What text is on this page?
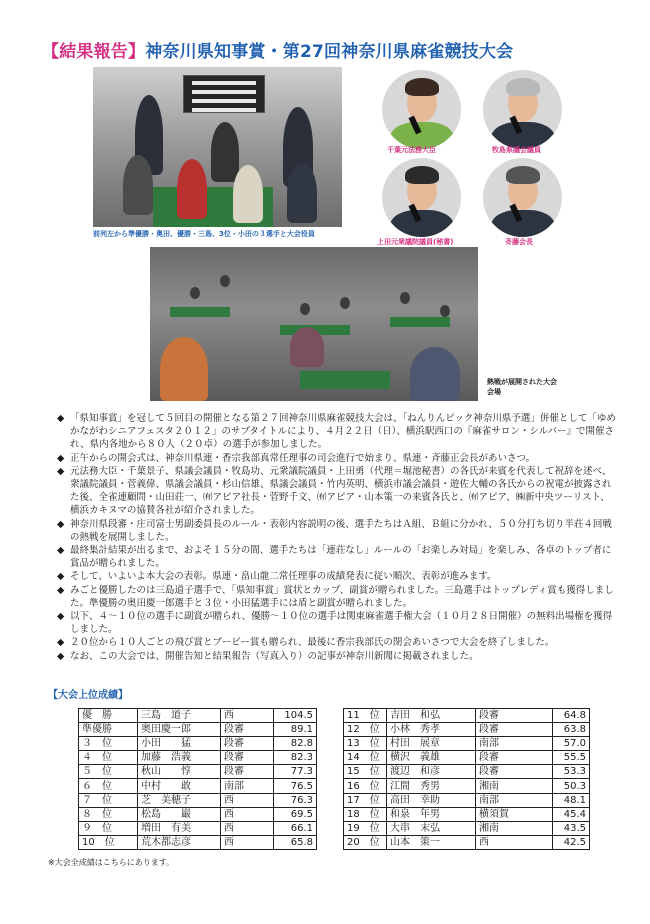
【結果報告】神奈川県知事賞・第27回神奈川県麻雀競技大会
前列左から準優勝・奥田、優勝・三島、3位・小田の３選手と大会役員
千葉元法務大臣	牧島県議会議員
上田元衆議院議員(秘書)	斉藤会長
熱戦が展開された大会会場
◆ 「県知事賞」を冠して５回目の開催となる第２７回神奈川県麻雀競技大会は、「ねんりんピック神奈川県予選」併催として「ゆめかながわシニアフェスタ２０１２」のサブタイトルにより、４月２２日（日）、横浜駅西口の『麻雀サロン・シルバー』で開催され、県内各地から８０人（２０卓）の選手が参加しました。
◆ 正午からの開会式は、神奈川県連・香宗我部真常任理事の司会進行で始まり、県連・斉藤正会長があいさつ。
◆ 元法務大臣・千葉景子、県議会議員・牧島功、元衆議院議員・上田勇（代理＝堀池秘書）の各氏が来賓を代表して祝辞を述べ、衆議院議員・菅義偉、県議会議員・杉山信雄、県議会議員・竹内英明、横浜市議会議員・遊佐大輔の各氏からの祝電が披露された後、全雀連顧問・山田荘一、㈲アピア社長・菅野千文、㈲アピア・山本策一の来賓各氏と、㈲アピア、㈱新中央ツーリスト、横浜カキヌマの協賛各社が紹介されました。
◆ 神奈川県段審・庄司富士男副委員長のルール・表彰内容説明の後、選手たちはＡ組、Ｂ組に分かれ、５０分打ち切り半荘４回戦の熱戦を展開しました。
◆ 最終集計結果が出るまで、およそ１５分の間、選手たちは「連荘なし」ルールの「お楽しみ対局」を楽しみ、各卓のトップ者に賞品が贈られました。
◆ そして、いよいよ本大会の表彰。県連・畠山龍二常任理事の成績発表に従い順次、表彰が進みます。
◆ みごと優勝したのは三島道子選手で、「県知事賞」賞状とカップ、副賞が贈られました。三島選手はトップレディ賞も獲得しました。準優勝の奥田慶一郎選手と３位・小田猛選手には盾と副賞が贈られました。
◆ 以下、４〜１０位の選手に副賞が贈られ、優勝〜１０位の選手は関東麻雀選手権大会（１０月２８日開催）の無料出場権を獲得しました。
◆ ２０位から１０人ごとの飛び賞とブービー賞も贈られ、最後に香宗我部氏の閉会あいさつで大会を終了しました。
◆ なお、この大会では、開催告知と結果報告（写真入り）の記事が神奈川新聞に掲載されました。
【大会上位成績】
優　勝	三島　道子	西	104.5
準優勝	奥田慶一郎	段審	89.1
３　位	小田　　猛	段審	82.8
４　位	加藤　浩義	段審	82.3
５　位	秋山　　惇	段審	77.3
６　位	中村　　敢	南部	76.5
７　位	芝　美穂子	西	76.3
８　位	松島　　巌	西	69.5
９　位	増田　有美	西	66.1
10　位	荒木都志彦	西	65.8
11　位	吉田　和弘	段審	64.8
12　位	小林　秀孝	段審	63.8
13　位	村田　展章	南部	57.0
14　位	横沢　義雄	段審	55.5
15　位	渡辺　和彦	段審	53.3
16　位	江間　秀男	湘南	50.3
17　位	高田　幸助	南部	48.1
18　位	和泉　年男	横須賀	45.4
19　位	大串　末弘	湘南	43.5
20　位	山本　策一	西	42.5
※大会全成績はこちらにあります。
